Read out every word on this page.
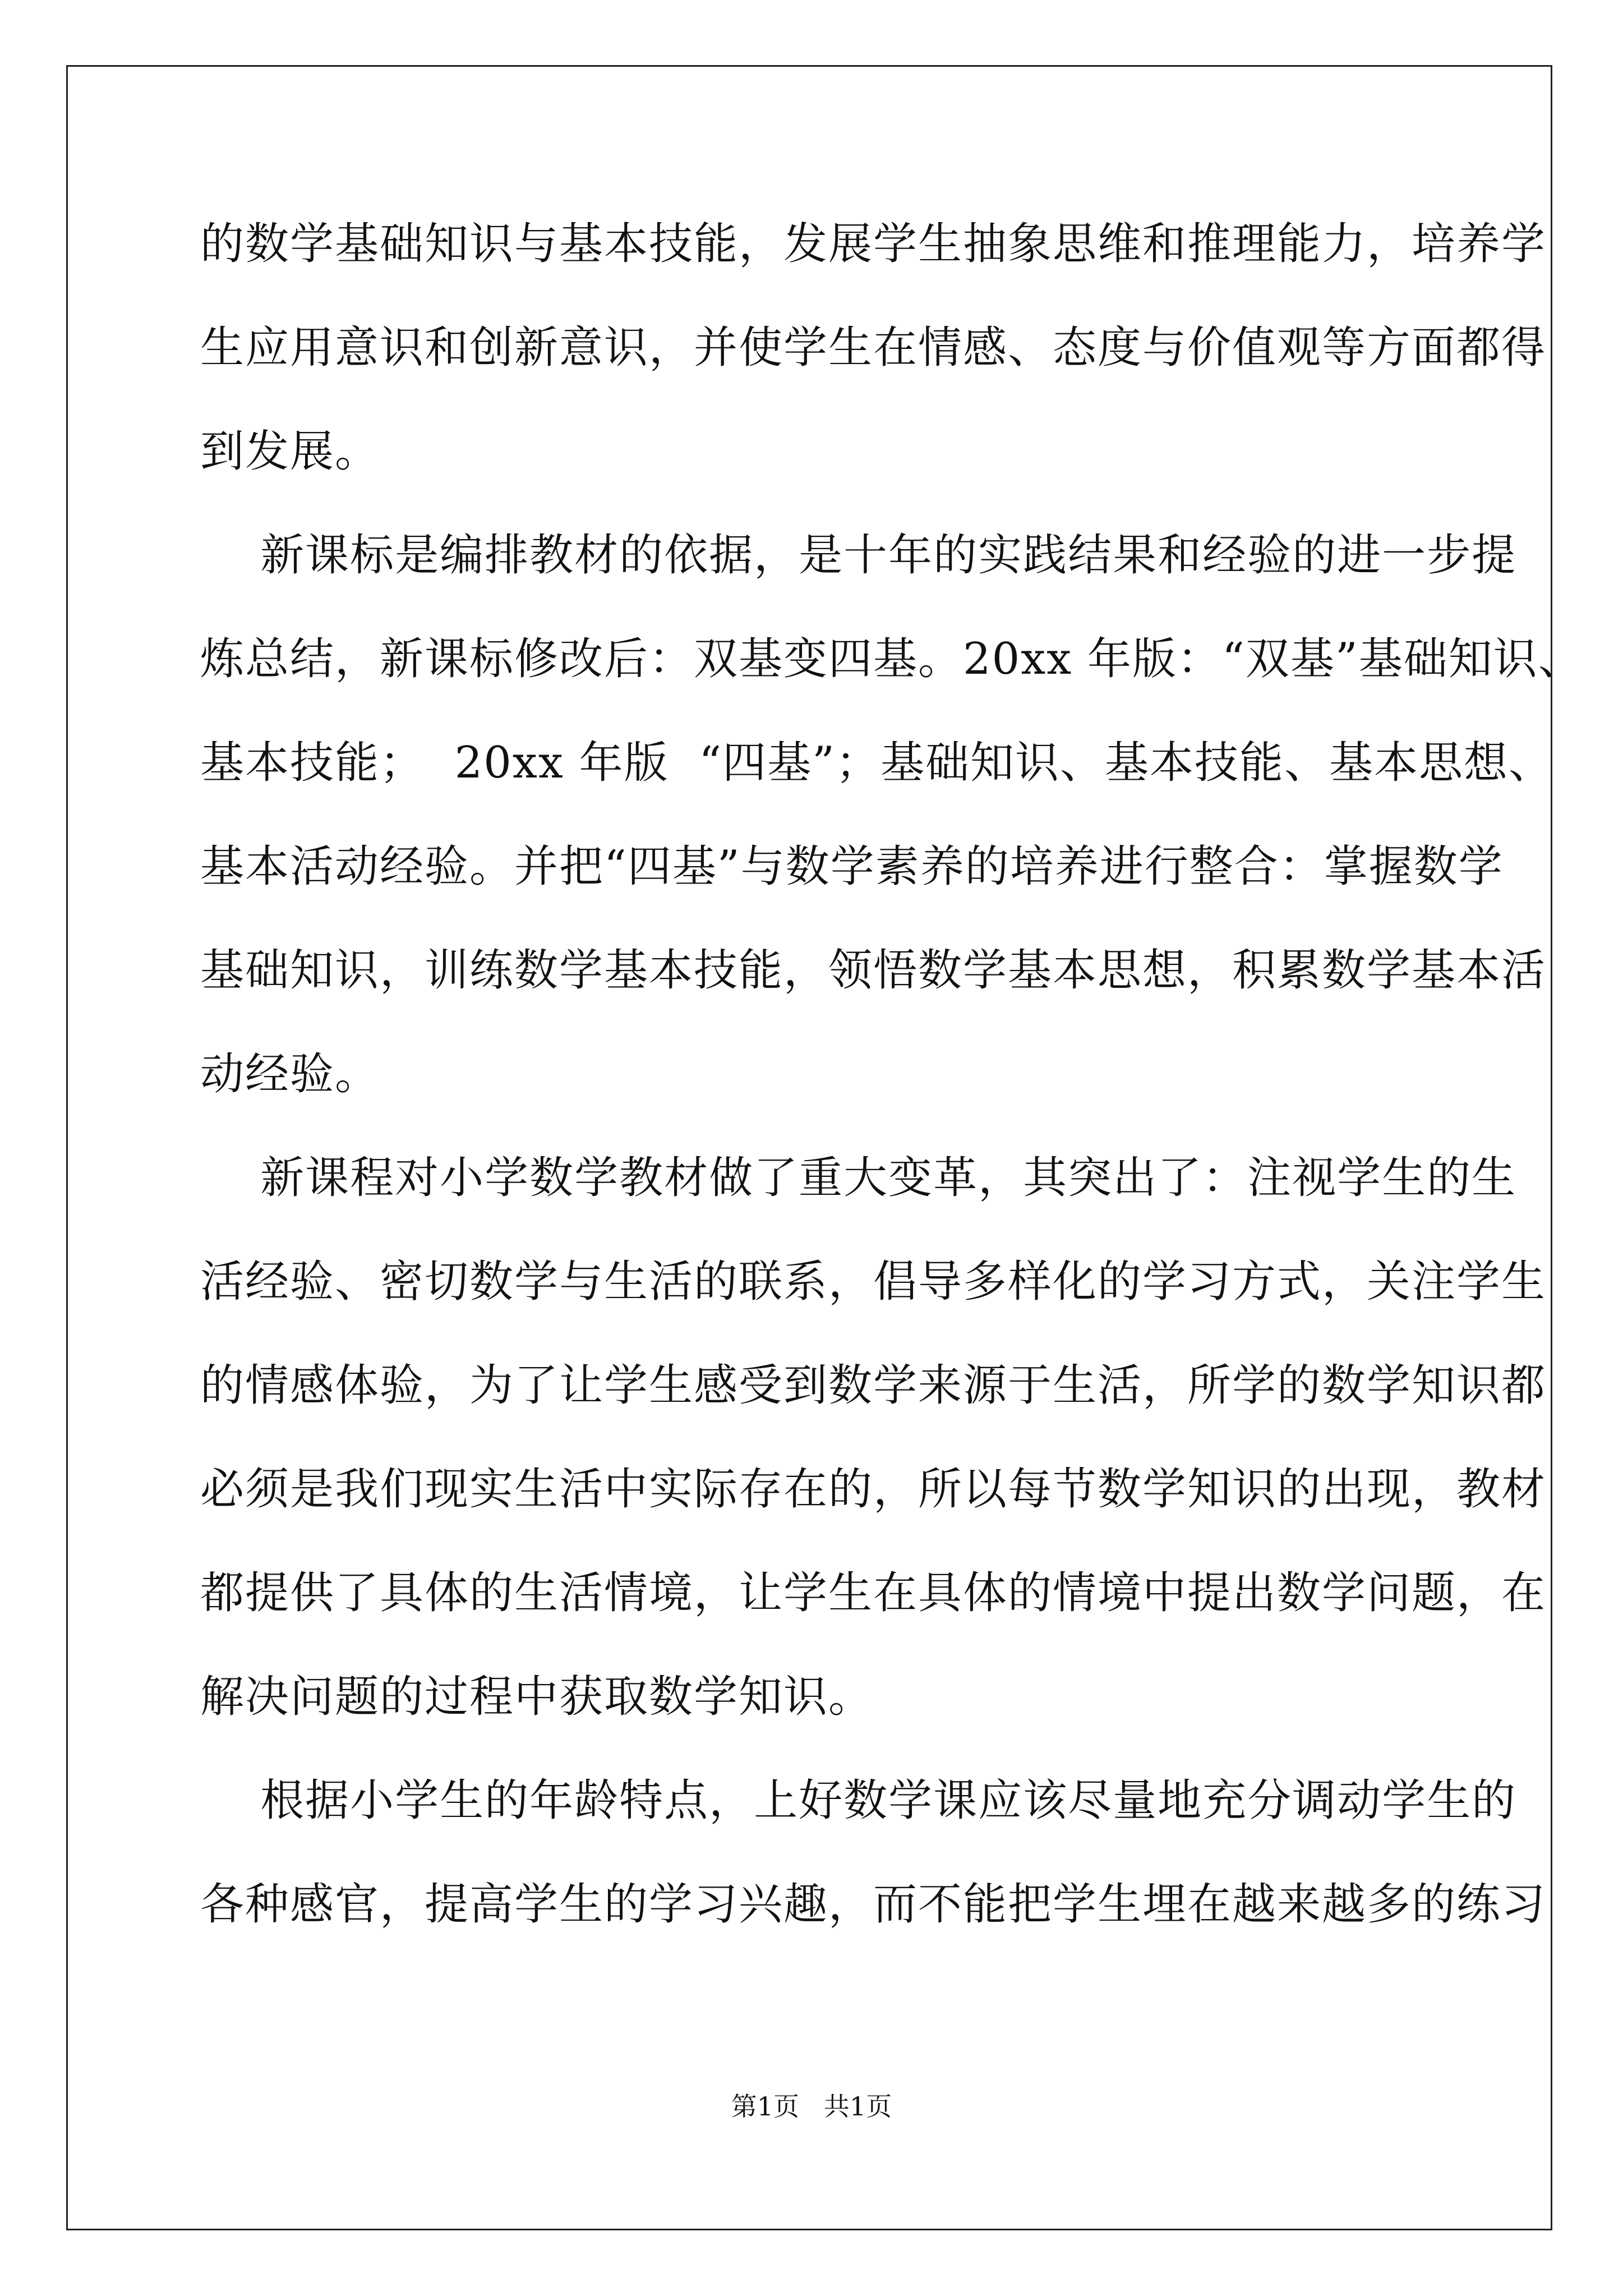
的数学基础知识与基本技能，发展学生抽象思维和推理能力，培养学
生应用意识和创新意识，并使学生在情感、态度与价值观等方面都得
到发展。
新课标是编排教材的依据，是十年的实践结果和经验的进一步提
炼总结，新课标修改后：双基变四基。20xx 年版：“双基”基础知识、
基本技能；  20xx 年版  “四基”；基础知识、基本技能、基本思想、
基本活动经验。并把“四基”与数学素养的培养进行整合：掌握数学
基础知识，训练数学基本技能，领悟数学基本思想，积累数学基本活
动经验。
新课程对小学数学教材做了重大变革，其突出了：注视学生的生
活经验、密切数学与生活的联系，倡导多样化的学习方式，关注学生
的情感体验，为了让学生感受到数学来源于生活，所学的数学知识都
必须是我们现实生活中实际存在的，所以每节数学知识的出现，教材
都提供了具体的生活情境，让学生在具体的情境中提出数学问题，在
解决问题的过程中获取数学知识。
根据小学生的年龄特点，上好数学课应该尽量地充分调动学生的
各种感官，提高学生的学习兴趣，而不能把学生埋在越来越多的练习
第1页   共1页
